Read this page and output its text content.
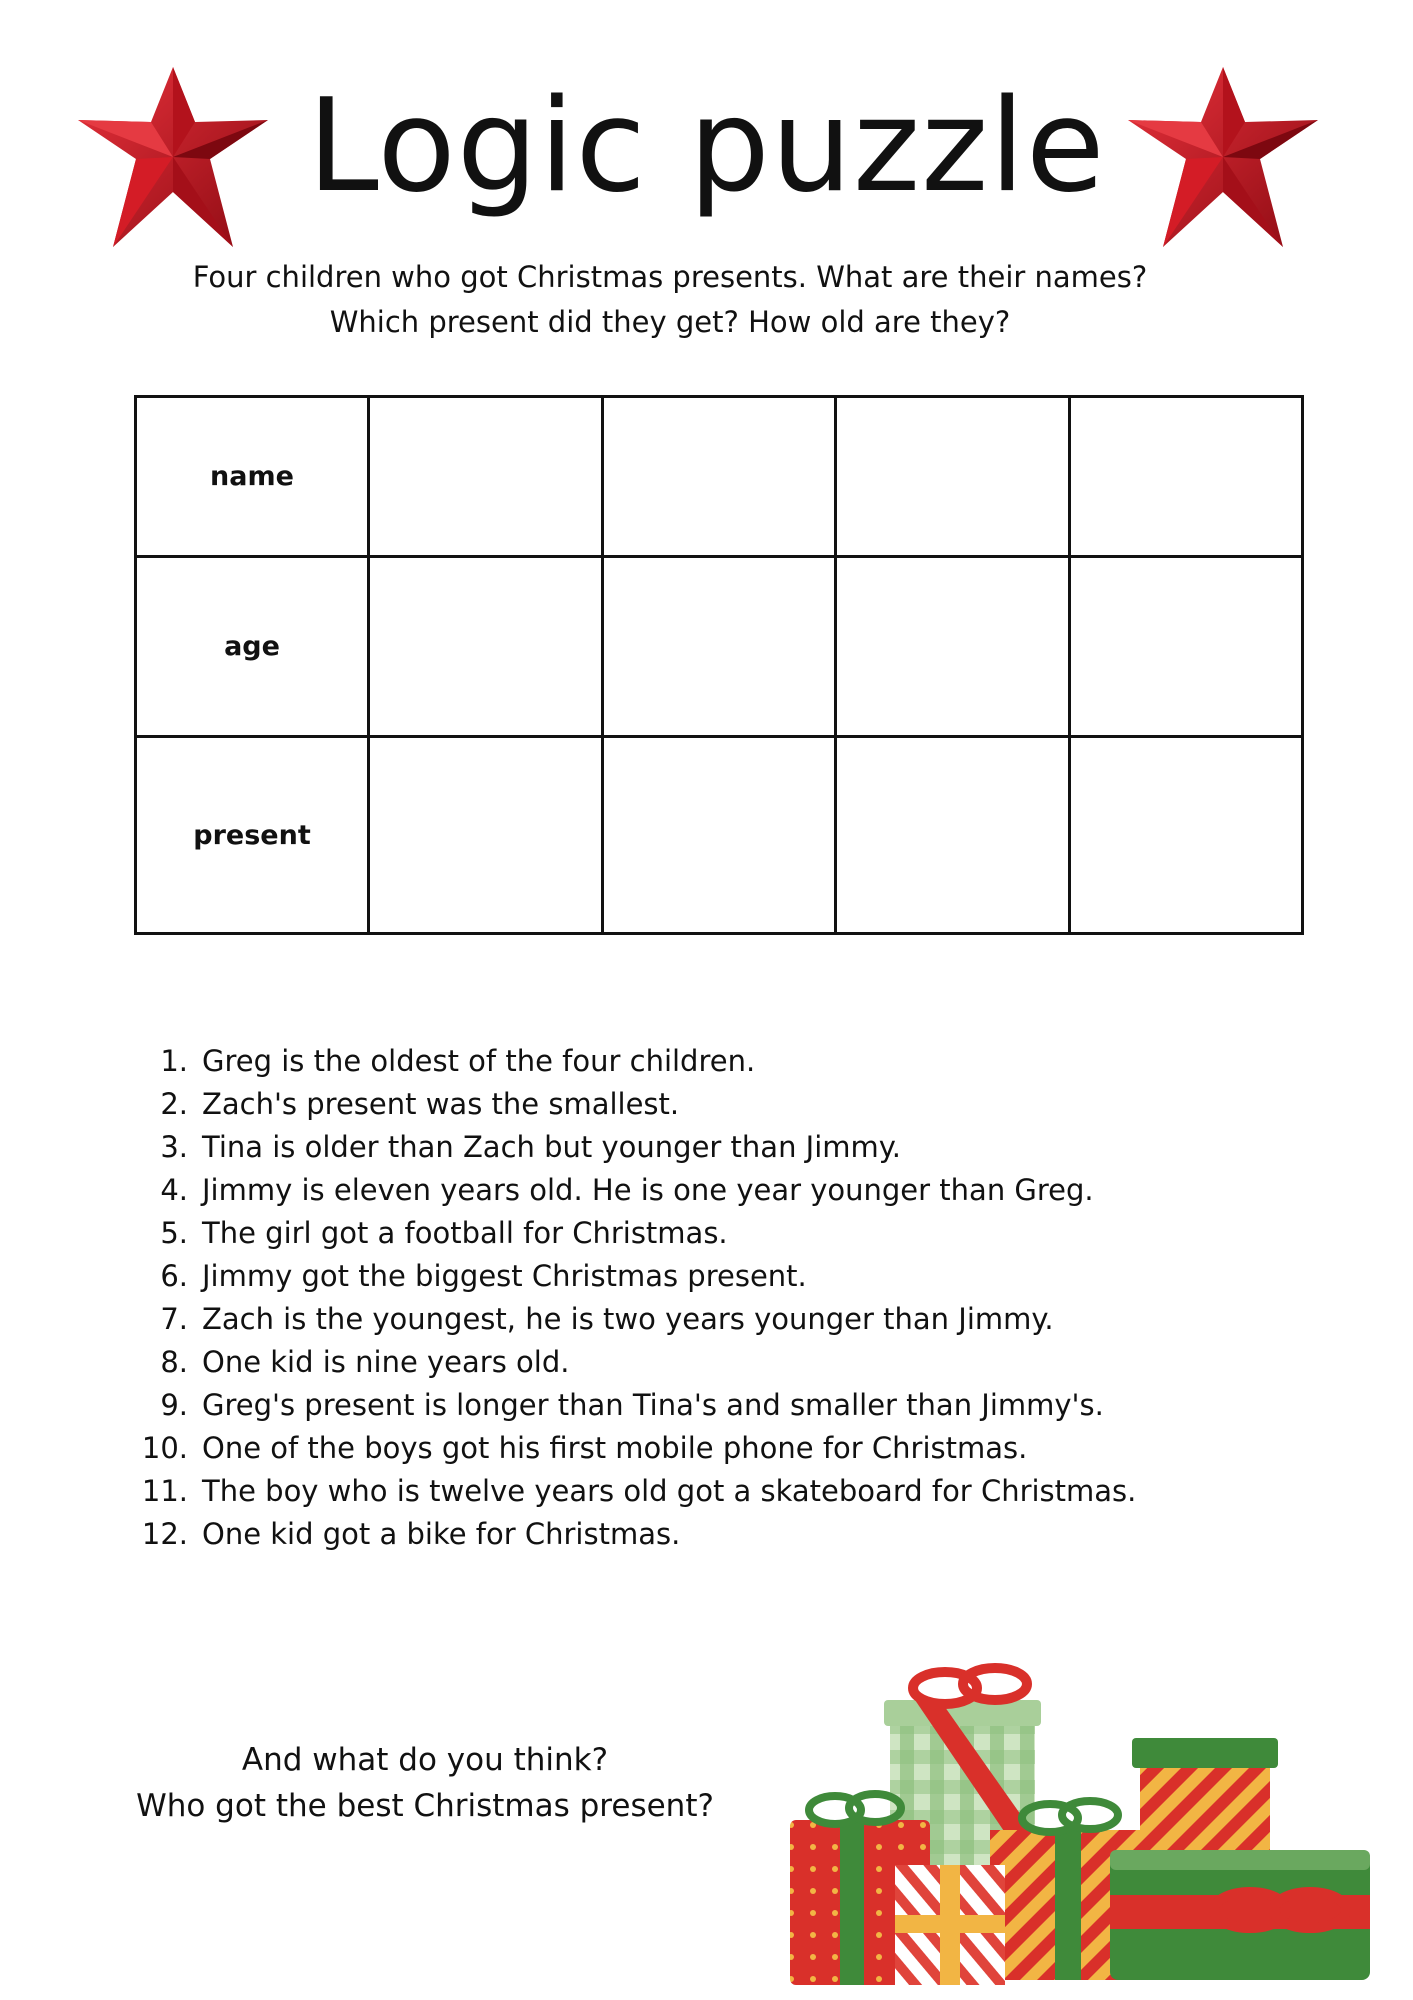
Logic puzzle
Four children who got Christmas presents. What are their names?
Which present did they get? How old are they?
name				
age				
present				
1. Greg is the oldest of the four children.
2. Zach's present was the smallest.
3. Tina is older than Zach but younger than Jimmy.
4. Jimmy is eleven years old. He is one year younger than Greg.
5. The girl got a football for Christmas.
6. Jimmy got the biggest Christmas present.
7. Zach is the youngest, he is two years younger than Jimmy.
8. One kid is nine years old.
9. Greg's present is longer than Tina's and smaller than Jimmy's.
10. One of the boys got his first mobile phone for Christmas.
11. The boy who is twelve years old got a skateboard for Christmas.
12. One kid got a bike for Christmas.
And what do you think?
Who got the best Christmas present?
